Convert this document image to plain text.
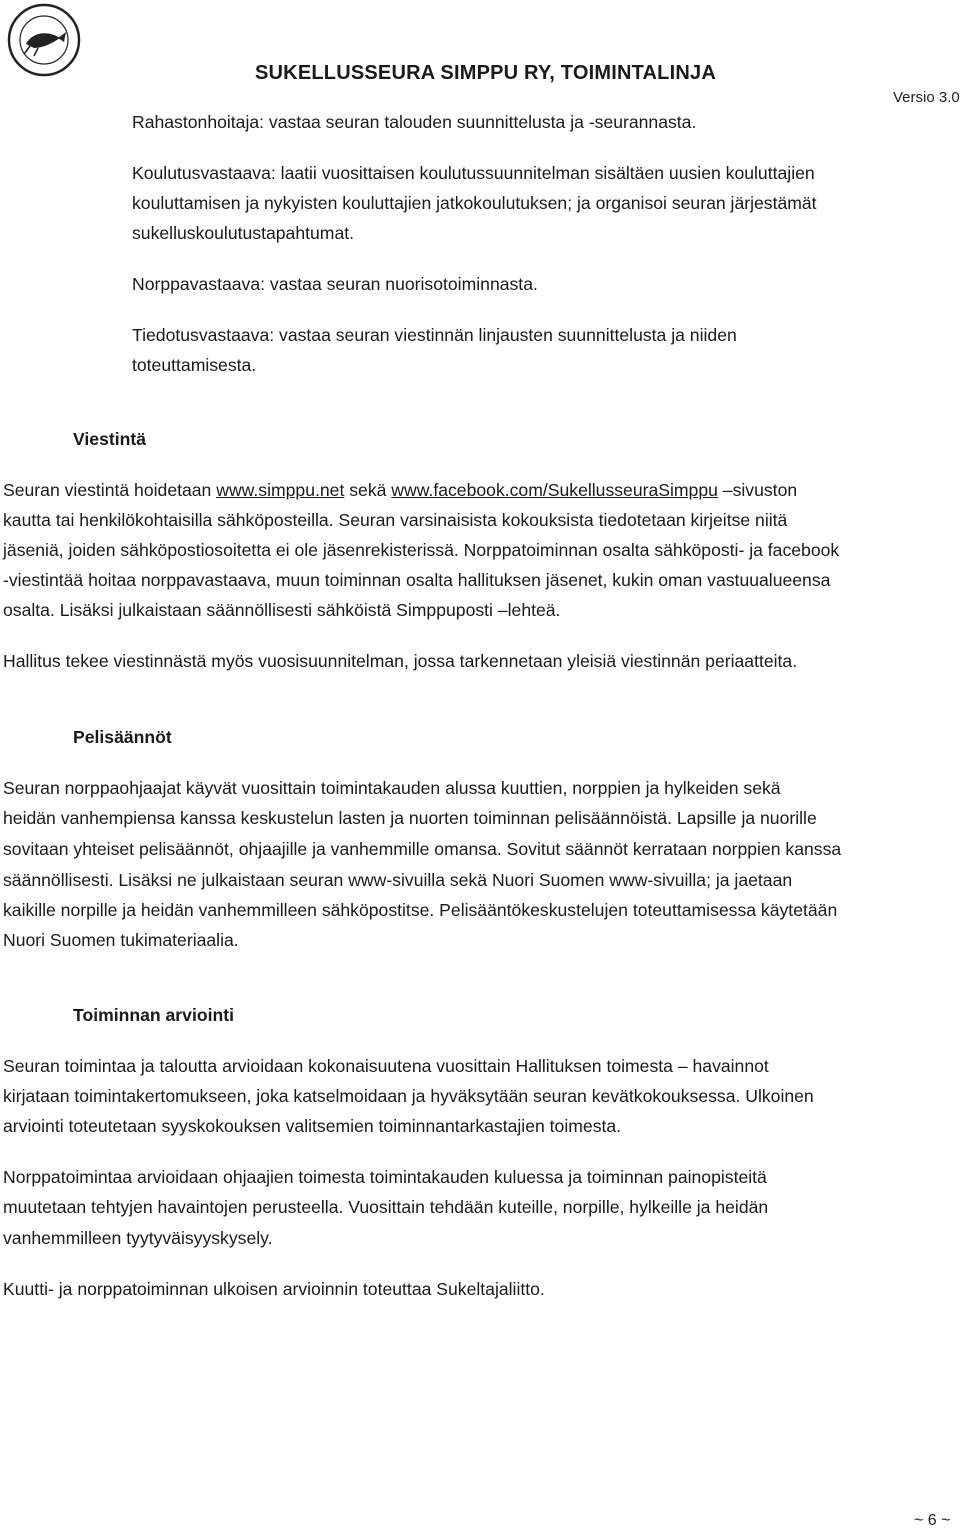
SUKELLUSSEURA SIMPPU RY, TOIMINTALINJA
Versio 3.0
Rahastonhoitaja: vastaa seuran talouden suunnittelusta ja -seurannasta.
Koulutusvastaava: laatii vuosittaisen koulutussuunnitelman sisältäen uusien kouluttajien
kouluttamisen ja nykyisten kouluttajien jatkokoulutuksen; ja organisoi seuran järjestämät
sukelluskoulutustapahtumat.
Norppavastaava: vastaa seuran nuorisotoiminnasta.
Tiedotusvastaava: vastaa seuran viestinnän linjausten suunnittelusta ja niiden
toteuttamisesta.
Viestintä
Seuran viestintä hoidetaan www.simppu.net sekä www.facebook.com/SukellusseuraSimppu –sivuston
kautta tai henkilökohtaisilla sähköposteilla. Seuran varsinaisista kokouksista tiedotetaan kirjeitse niitä
jäseniä, joiden sähköpostiosoitetta ei ole jäsenrekisterissä. Norppatoiminnan osalta sähköposti- ja facebook
-viestintää hoitaa norppavastaava, muun toiminnan osalta hallituksen jäsenet, kukin oman vastuualueensa
osalta. Lisäksi julkaistaan säännöllisesti sähköistä Simppuposti –lehteä.
Hallitus tekee viestinnästä myös vuosisuunnitelman, jossa tarkennetaan yleisiä viestinnän periaatteita.
Pelisäännöt
Seuran norppaohjaajat käyvät vuosittain toimintakauden alussa kuuttien, norppien ja hylkeiden sekä
heidän vanhempiensa kanssa keskustelun lasten ja nuorten toiminnan pelisäännöistä. Lapsille ja nuorille
sovitaan yhteiset pelisäännöt, ohjaajille ja vanhemmille omansa. Sovitut säännöt kerrataan norppien kanssa
säännöllisesti. Lisäksi ne julkaistaan seuran www-sivuilla sekä Nuori Suomen www-sivuilla; ja jaetaan
kaikille norpille ja heidän vanhemmilleen sähköpostitse. Pelisääntökeskustelujen toteuttamisessa käytetään
Nuori Suomen tukimateriaalia.
Toiminnan arviointi
Seuran toimintaa ja taloutta arvioidaan kokonaisuutena vuosittain Hallituksen toimesta – havainnot
kirjataan toimintakertomukseen, joka katselmoidaan ja hyväksytään seuran kevätkokouksessa. Ulkoinen
arviointi toteutetaan syyskokouksen valitsemien toiminnantarkastajien toimesta.
Norppatoimintaa arvioidaan ohjaajien toimesta toimintakauden kuluessa ja toiminnan painopisteitä
muutetaan tehtyjen havaintojen perusteella. Vuosittain tehdään kuteille, norpille, hylkeille ja heidän
vanhemmilleen tyytyväisyyskysely.
Kuutti- ja norppatoiminnan ulkoisen arvioinnin toteuttaa Sukeltajaliitto.
~ 6 ~
